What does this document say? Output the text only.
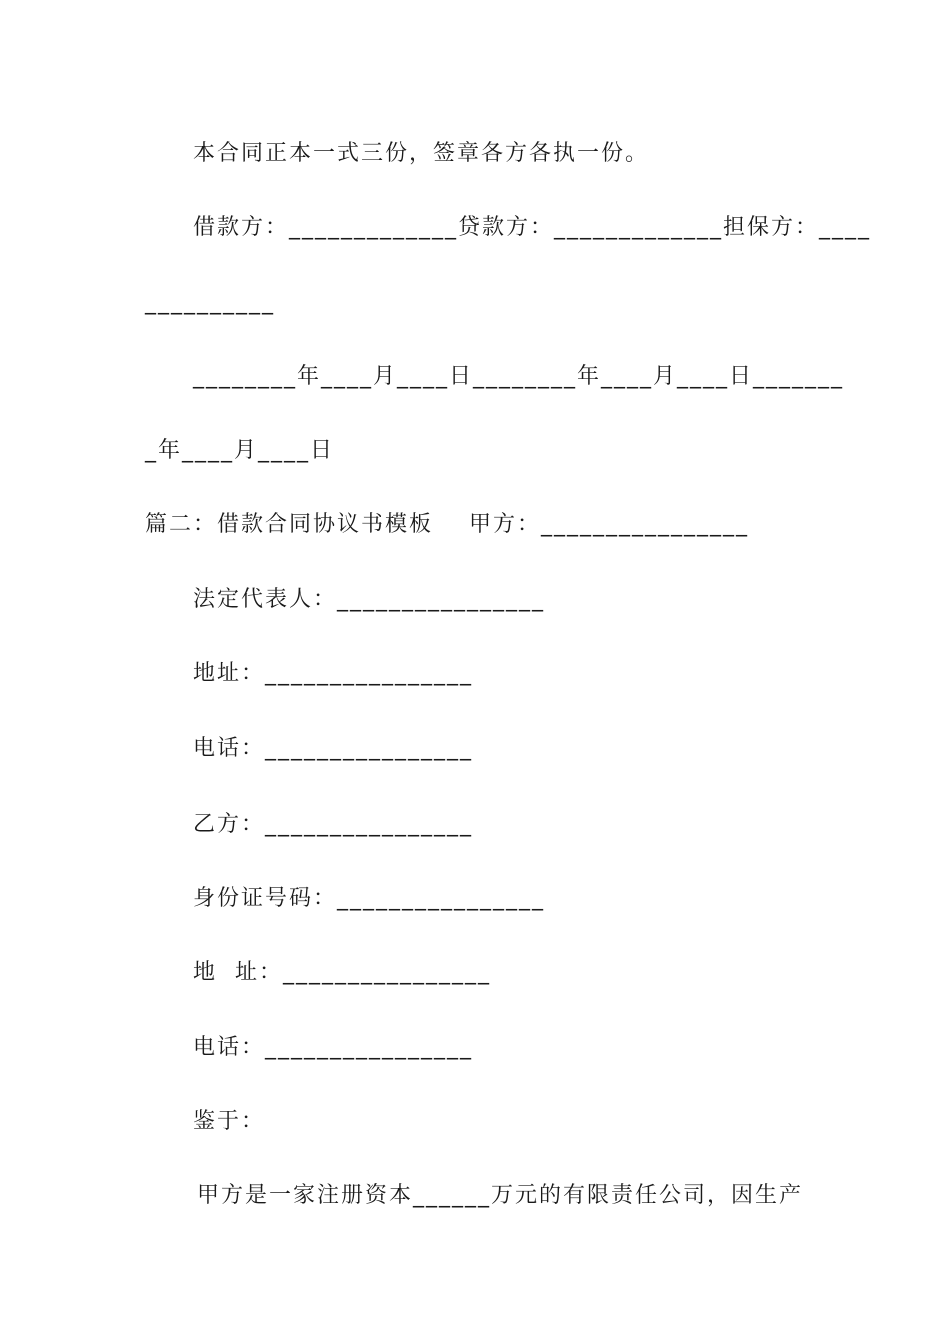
本合同正本一式三份，签章各方各执一份。
借款方：_____________贷款方：_____________担保方：____
__________
________年____月____日________年____月____日_______
_年____月____日
篇二：借款合同协议书模板    甲方：________________
法定代表人：________________
地址：________________
电话：________________
乙方：________________
身份证号码：________________
地  址：________________
电话：________________
鉴于：
甲方是一家注册资本______万元的有限责任公司，因生产
